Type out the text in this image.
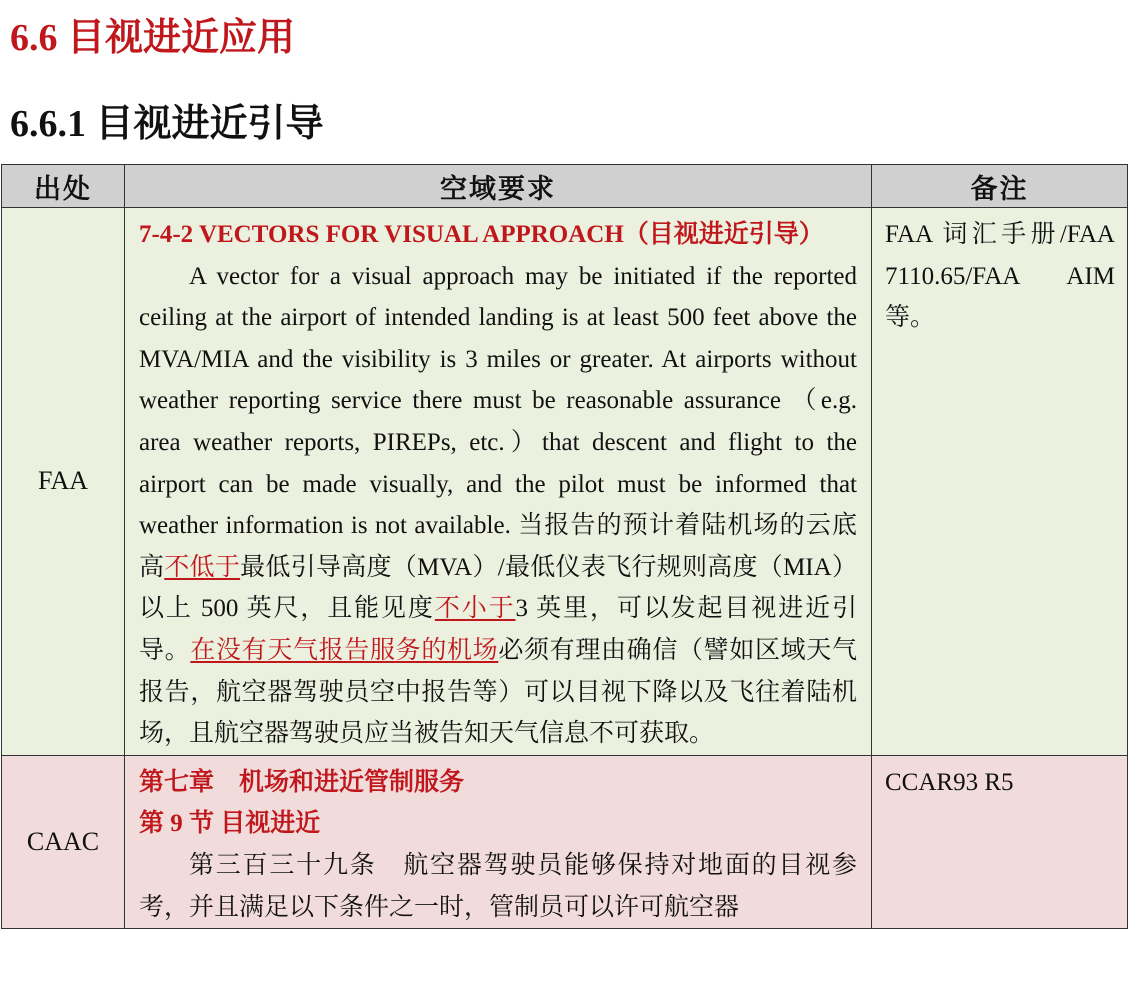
6.6 目视进近应用
6.6.1 目视进近引导
出处	空域要求	备注
FAA	7-4-2 VECTORS FOR VISUAL APPROACH（目视进近引导）

A vector for a visual approach may be initiated if the reported ceiling at the airport of intended landing is at least 500 feet above the MVA/MIA and the visibility is 3 miles or greater. At airports without weather reporting service there must be reasonable assurance （e.g. area weather reports, PIREPs, etc.）that descent and flight to the airport can be made visually, and the pilot must be informed that weather information is not available. 当报告的预计着陆机场的云底高不低于最低引导高度（MVA）/最低仪表飞行规则高度（MIA）以上 500 英尺，且能见度不小于3 英里，可以发起目视进近引导。在没有天气报告服务的机场必须有理由确信（譬如区域天气报告，航空器驾驶员空中报告等）可以目视下降以及飞往着陆机场，且航空器驾驶员应当被告知天气信息不可获取。	FAA 词汇手册/FAA 7110.65/FAA AIM 等。
CAAC	第七章　机场和进近管制服务
第 9 节 目视进近

第三百三十九条　航空器驾驶员能够保持对地面的目视参考，并且满足以下条件之一时，管制员可以许可航空器	CCAR93 R5
